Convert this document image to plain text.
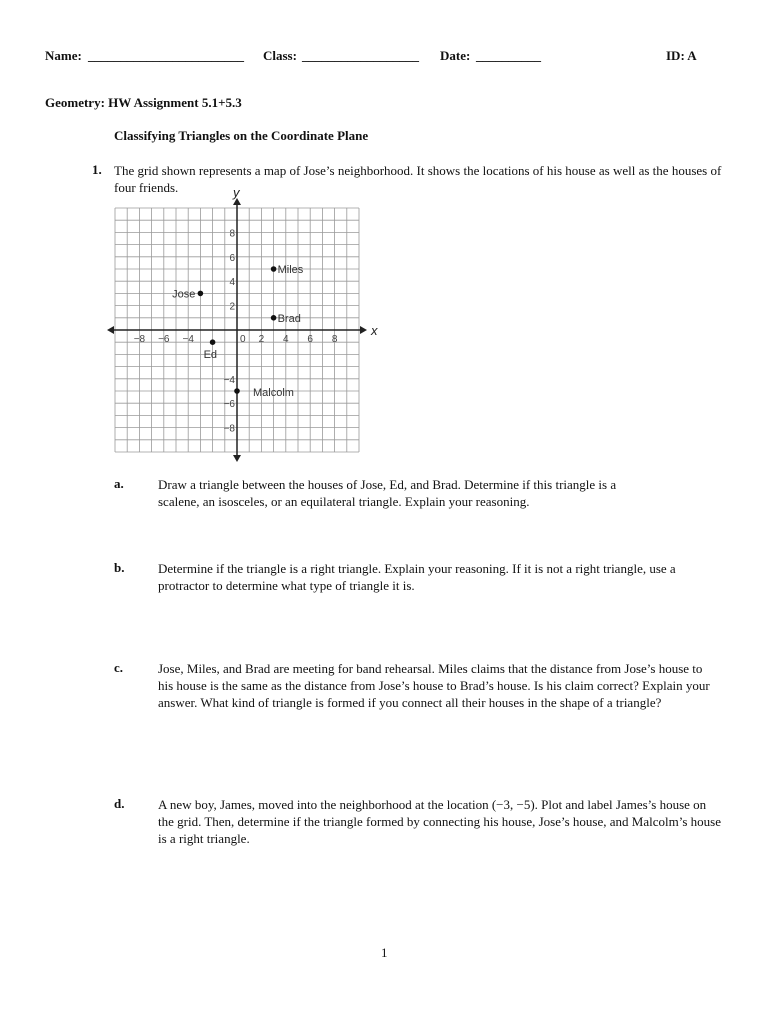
Name: ________________________ Class: __________________ Date: __________	ID: A
Geometry: HW Assignment 5.1+5.3
Classifying Triangles on the Coordinate Plane
1. The grid shown represents a map of Jose’s neighborhood. It shows the locations of his house as well as the houses of four friends.
x
y
−8 −6 −4	2 4 6 8
8
6
4
2
−4
−6
−8
0
Jose
Miles
Brad
Ed
Malcolm
a.	Draw a triangle between the houses of Jose, Ed, and Brad. Determine if this triangle is a scalene, an isosceles, or an equilateral triangle. Explain your reasoning.
b.	Determine if the triangle is a right triangle. Explain your reasoning. If it is not a right triangle, use a protractor to determine what type of triangle it is.
c.	Jose, Miles, and Brad are meeting for band rehearsal. Miles claims that the distance from Jose’s house to his house is the same as the distance from Jose’s house to Brad’s house. Is his claim correct? Explain your answer. What kind of triangle is formed if you connect all their houses in the shape of a triangle?
d.	A new boy, James, moved into the neighborhood at the location (−3, −5). Plot and label James’s house on the grid. Then, determine if the triangle formed by connecting his house, Jose’s house, and Malcolm’s house is a right triangle.
1
